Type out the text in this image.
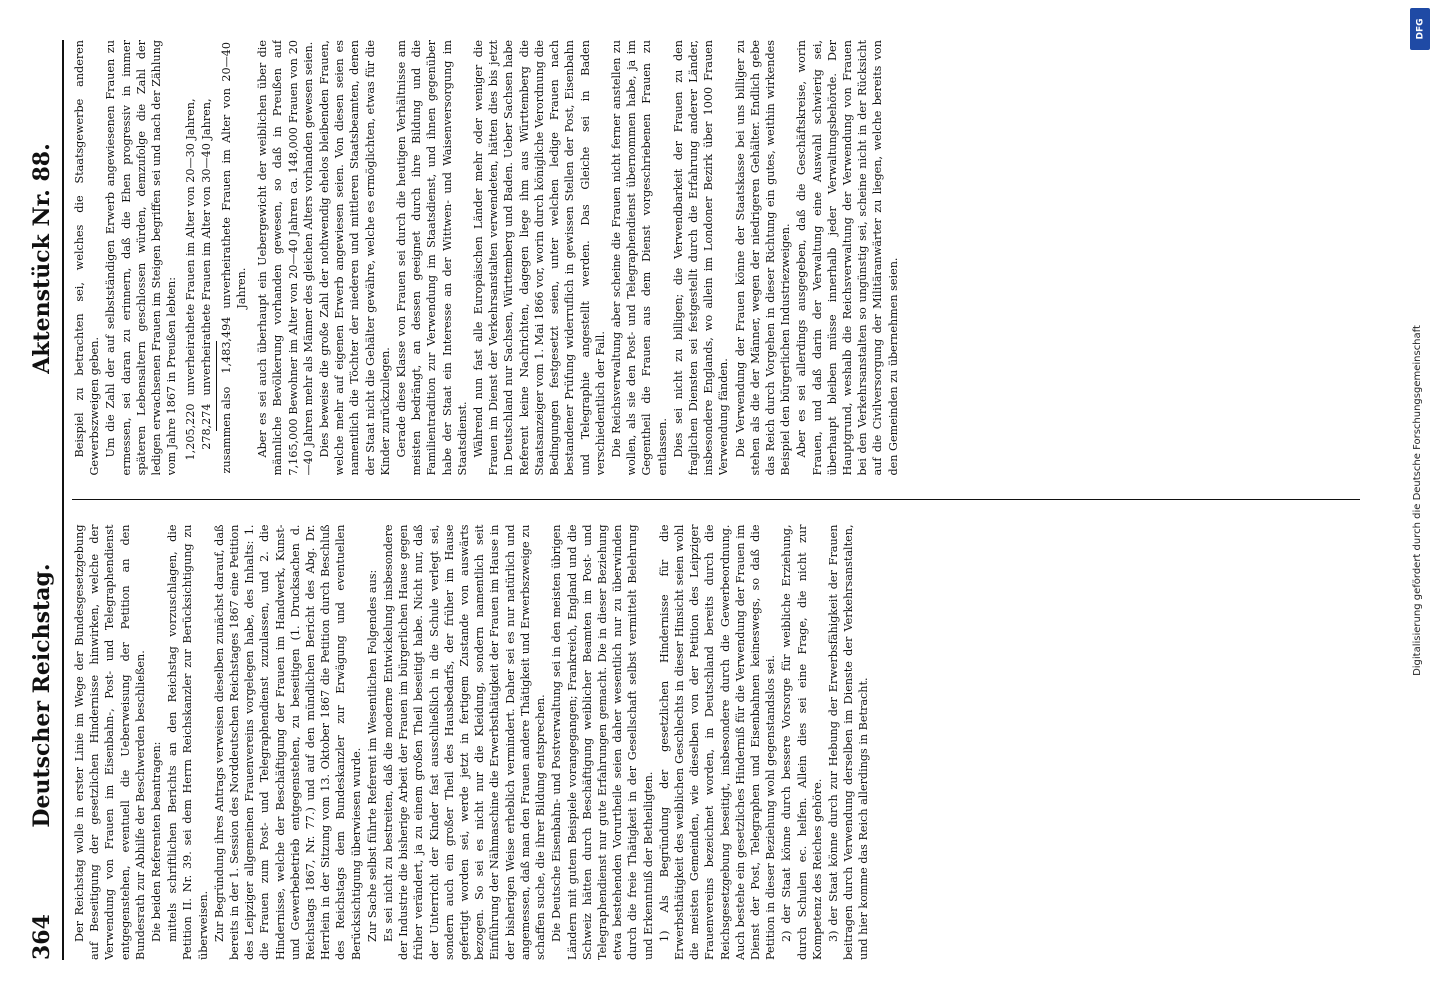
364
Deutscher Reichstag.
Aktenstück Nr. 88.

Der Reichstag wolle in erster Linie im Wege der Bundesgesetzgebung auf Beseitigung der gesetzlichen Hindernisse hinwirken, welche der Verwendung von Frauen im Eisenbahn-, Post- und Telegraphendienst entgegenstehen, eventuell die Ueberweisung der Petition an den Bundesrath zur Abhilfe der Beschwerden beschließen. Die beiden Referenten beantragen: mittels schriftlichen Berichts an den Reichstag vorzuschlagen, die Petition II. Nr. 39. sei dem Herrn Reichskanzler zur Berücksichtigung zu überweisen. Zur Begründung ihres Antrags verweisen dieselben zunächst darauf, daß bereits in der 1. Session des Norddeutschen Reichstages 1867 eine Petition des Leipziger allgemeinen Frauenvereins vorgelegen habe, des Inhalts: 1. die Frauen zum Post- und Telegraphendienst zuzulassen, und 2. die Hindernisse, welche der Beschäftigung der Frauen im Handwerk, Kunst- und Gewerbebetrieb entgegenstehen, zu beseitigen (1. Drucksachen d. Reichstags 1867, Nr. 77.) und auf den mündlichen Bericht des Abg. Dr. Herrlein in der Sitzung vom 13. Oktober 1867 die Petition durch Beschluß des Reichstags dem Bundeskanzler zur Erwägung und eventuellen Berücksichtigung überwiesen wurde. Zur Sache selbst führte Referent im Wesentlichen Folgendes aus: Es sei nicht zu bestreiten, daß die moderne Entwickelung insbesondere der Industrie die bisherige Arbeit der Frauen im bürgerlichen Hause gegen früher verändert, ja zu einem großen Theil beseitigt habe. Nicht nur, daß der Unterricht der Kinder fast ausschließlich in die Schule verlegt sei, sondern auch ein großer Theil des Hausbedarfs, der früher im Hause gefertigt worden sei, werde jetzt in fertigem Zustande von auswärts bezogen. So sei es nicht nur die Kleidung, sondern namentlich seit Einführung der Nähmaschine die Erwerbsthätigkeit der Frauen im Hause in der bisherigen Weise erheblich vermindert. Daher sei es nur natürlich und angemessen, daß man den Frauen andere Thätigkeit und Erwerbszweige zu schaffen suche, die ihrer Bildung entsprechen. Die Deutsche Eisenbahn- und Postverwaltung sei in den meisten übrigen Ländern mit gutem Beispiele vorangegangen; Frankreich, England und die Schweiz hätten durch Beschäftigung weiblicher Beamten im Post- und Telegraphendienst nur gute Erfahrungen gemacht. Die in dieser Beziehung etwa bestehenden Vorurtheile seien daher wesentlich nur zu überwinden durch die freie Thätigkeit in der Gesellschaft selbst vermittelt Belehrung und Erkenntniß der Betheiligten. 1) Als Begründung der gesetzlichen Hindernisse für die Erwerbsthätigkeit des weiblichen Geschlechts in dieser Hinsicht seien wohl die meisten Gemeinden, wie dieselben von der Petition des Leipziger Frauenvereins bezeichnet worden, in Deutschland bereits durch die Reichsgesetzgebung beseitigt, insbesondere durch die Gewerbeordnung. Auch bestehe ein gesetzliches Hinderniß für die Verwendung der Frauen im Dienst der Post, Telegraphen und Eisenbahnen keineswegs, so daß die Petition in dieser Beziehung wohl gegenstandslos sei. 2) der Staat könne durch bessere Vorsorge für weibliche Erziehung, durch Schulen ec. helfen. Allein dies sei eine Frage, die nicht zur Kompetenz des Reiches gehöre. 3) der Staat könne durch zur Hebung der Erwerbsfähigkeit der Frauen beitragen durch Verwendung derselben im Dienste der Verkehrsanstalten, und hier komme das Reich allerdings in Betracht.

Beispiel zu betrachten sei, welches die Staatsgewerbe anderen Gewerbszweigen geben. Um die Zahl der auf selbstständigen Erwerb angewiesenen Frauen zu ermessen, sei daran zu erinnern, daß die Ehen progressiv in immer späteren Lebensaltern geschlossen würden, demzufolge die Zahl der ledigen erwachsenen Frauen im Steigen begriffen sei und nach der Zählung vom Jahre 1867 in Preußen lebten: 1,205,220
unverheirathete Frauen im Alter von 20—30 Jahren,
278,274
unverheirathete Frauen im Alter von 30—40 Jahren,
zusammen also
1,483,494
unverheirathete Frauen im Alter von 20—40 Jahren. Aber es sei auch überhaupt ein Uebergewicht der weiblichen über die männliche Bevölkerung vorhanden gewesen, so daß in Preußen auf 7,165,000 Bewohner im Alter von 20—40 Jahren ca. 148,000 Frauen von 20—40 Jahren mehr als Männer des gleichen Alters vorhanden gewesen seien. Dies beweise die große Zahl der nothwendig ehelos bleibenden Frauen, welche mehr auf eigenen Erwerb angewiesen seien. Von diesen seien es namentlich die Töchter der niederen und mittleren Staatsbeamten, denen der Staat nicht die Gehälter gewähre, welche es ermöglichten, etwas für die Kinder zurückzulegen. Gerade diese Klasse von Frauen sei durch die heutigen Verhältnisse am meisten bedrängt, an dessen geeignet durch ihre Bildung und die Familientradition zur Verwendung im Staatsdienst, und ihnen gegenüber habe der Staat ein Interesse an der Wittwen- und Waisenversorgung im Staatsdienst. Während nun fast alle Europäischen Länder mehr oder weniger die Frauen im Dienst der Verkehrsanstalten verwendeten, hätten dies bis jetzt in Deutschland nur Sachsen, Württemberg und Baden. Ueber Sachsen habe Referent keine Nachrichten, dagegen liege ihm aus Württemberg die Staatsanzeiger vom 1. Mai 1866 vor, worin durch königliche Verordnung die Bedingungen festgesetzt seien, unter welchen ledige Frauen nach bestandener Prüfung widerruflich in gewissen Stellen der Post, Eisenbahn und Telegraphie angestellt werden. Das Gleiche sei in Baden verschiedentlich der Fall. Die Reichsverwaltung aber scheine die Frauen nicht ferner anstellen zu wollen, als sie den Post- und Telegraphendienst übernommen habe, ja im Gegentheil die Frauen aus dem Dienst vorgeschriebenen Frauen zu entlassen. Dies sei nicht zu billigen; die Verwendbarkeit der Frauen zu den fraglichen Diensten sei festgestellt durch die Erfahrung anderer Länder, insbesondere Englands, wo allein im Londoner Bezirk über 1000 Frauen Verwendung fänden. Die Verwendung der Frauen könne der Staatskasse bei uns billiger zu stehen als die der Männer, wegen der niedrigeren Gehälter. Endlich gebe das Reich durch Vorgehen in dieser Richtung ein gutes, weithin wirkendes Beispiel den bürgerlichen Industriezweigen. Aber es sei allerdings ausgegeben, daß die Geschäftskreise, worin Frauen, und daß darin der Verwaltung eine Auswahl schwierig sei, überhaupt bleiben müsse innerhalb jeder Verwaltungsbehörde. Der Hauptgrund, weshalb die Reichsverwaltung der Verwendung von Frauen bei den Verkehrsanstalten so ungünstig sei, scheine nicht in der Rücksicht auf die Civilversorgung der Militäranwärter zu liegen, welche bereits von den Gemeinden zu übernehmen seien.

DFG
Digitalisierung gefördert durch die Deutsche Forschungsgemeinschaft
